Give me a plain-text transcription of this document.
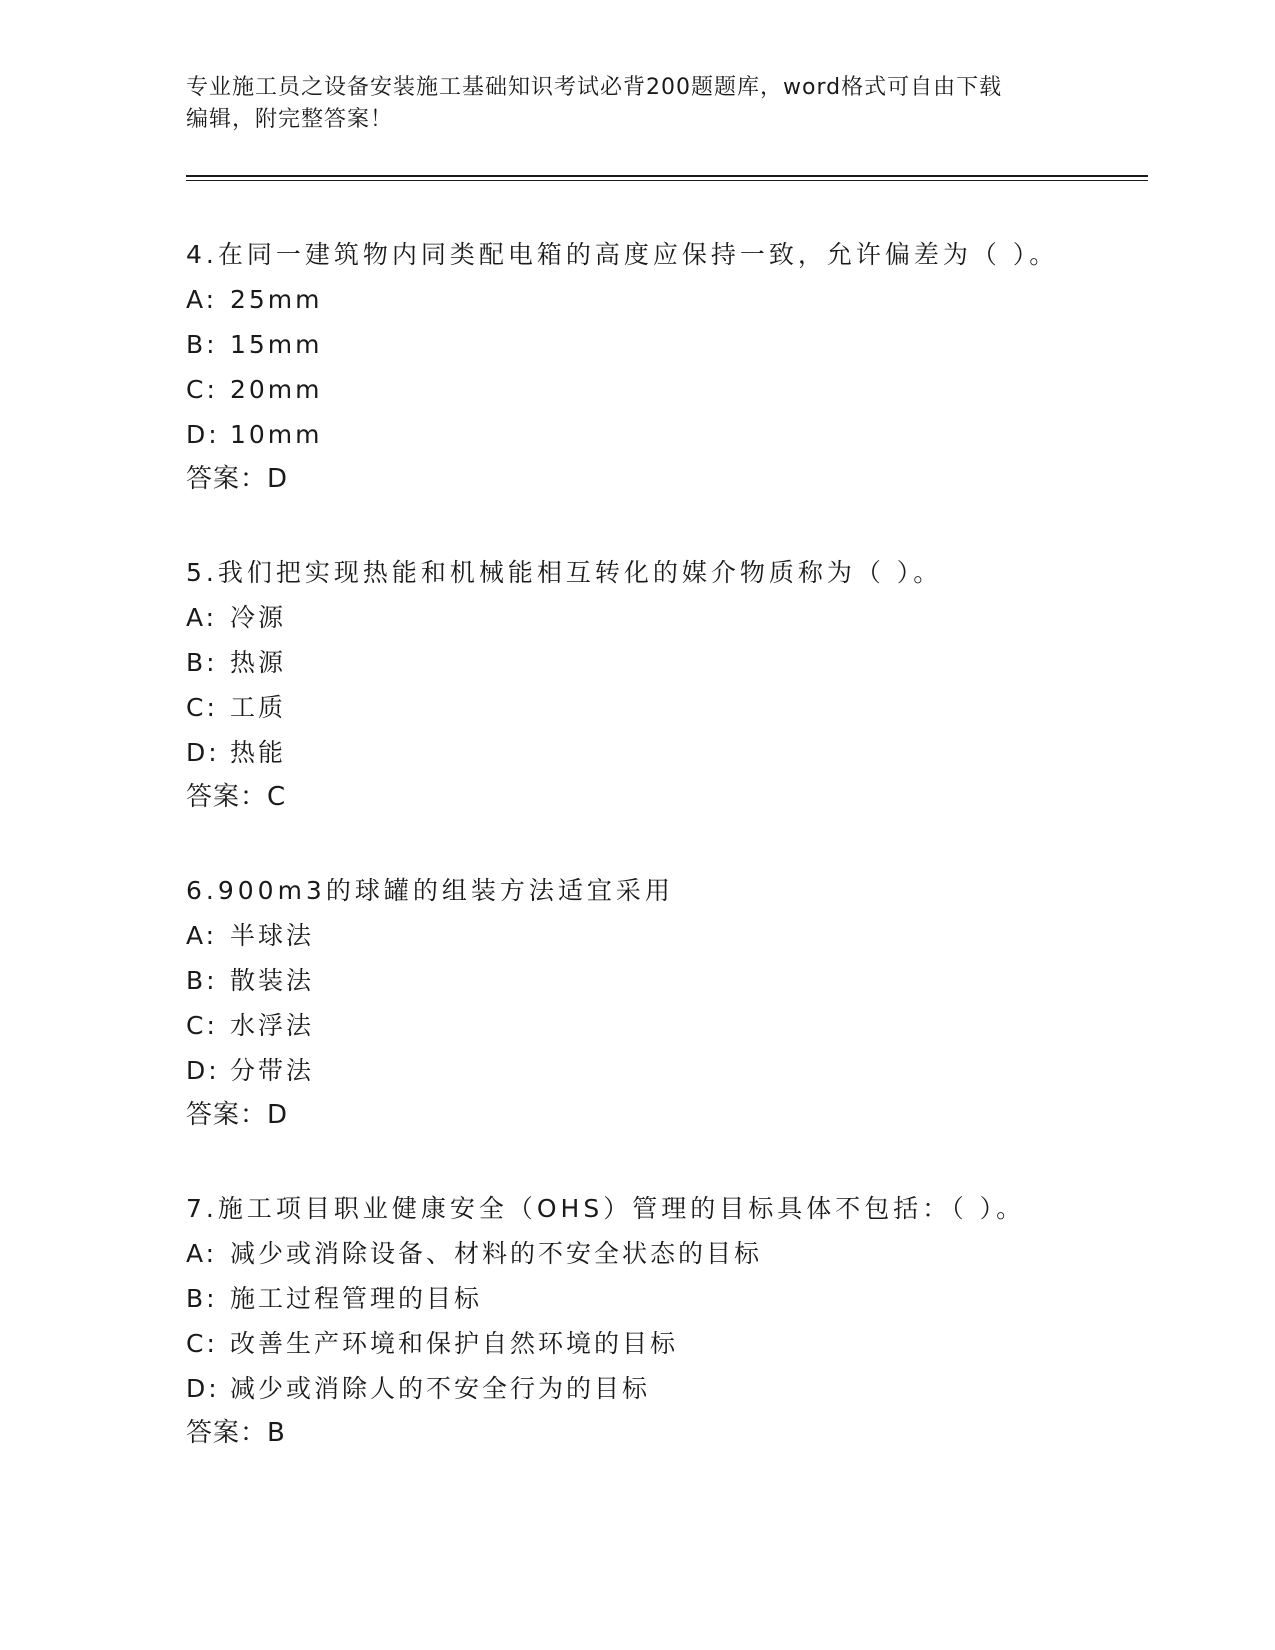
专业施工员之设备安装施工基础知识考试必背200题题库，word格式可自由下载
编辑，附完整答案！
4.在同一建筑物内同类配电箱的高度应保持一致，允许偏差为（ ）。
A: 25mm
B: 15mm
C: 20mm
D: 10mm
答案：D
5.我们把实现热能和机械能相互转化的媒介物质称为（ ）。
A: 冷源
B: 热源
C: 工质
D: 热能
答案：C
6.900m3的球罐的组装方法适宜采用
A: 半球法
B: 散装法
C: 水浮法
D: 分带法
答案：D
7.施工项目职业健康安全（OHS）管理的目标具体不包括：（ ）。
A: 减少或消除设备、材料的不安全状态的目标
B: 施工过程管理的目标
C: 改善生产环境和保护自然环境的目标
D: 减少或消除人的不安全行为的目标
答案：B
